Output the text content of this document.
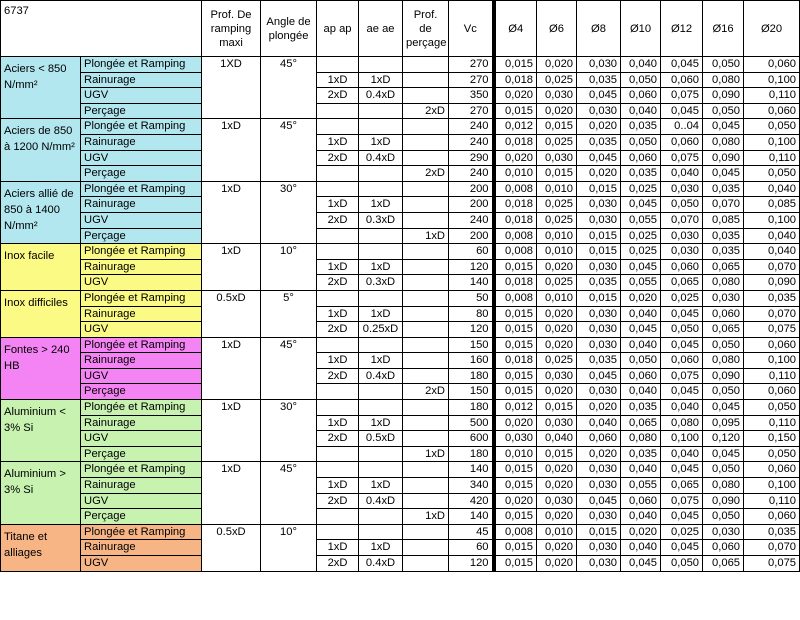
6737		Prof. De ramping maxi	Angle de plongée	ap ap	ae ae	Prof. de perçage	Vc	Ø4	Ø6	Ø8	Ø10	Ø12	Ø16	Ø20
Aciers < 850 N/mm²	Plongée et Ramping	1XD	45°				270	0,015	0,020	0,030	0,040	0,045	0,050	0,060
	Rainurage			1xD	1xD		270	0,018	0,025	0,035	0,050	0,060	0,080	0,100
	UGV			2xD	0.4xD		350	0,020	0,030	0,045	0,060	0,075	0,090	0,110
	Perçage					2xD	270	0,015	0,020	0,030	0,040	0,045	0,050	0,060
Aciers de 850 à 1200 N/mm²	Plongée et Ramping	1xD	45°				240	0,012	0,015	0,020	0,035	0..04	0,045	0,050
	Rainurage			1xD	1xD		240	0,018	0,025	0,035	0,050	0,060	0,080	0,100
	UGV			2xD	0.4xD		290	0,020	0,030	0,045	0,060	0,075	0,090	0,110
	Perçage					2xD	240	0,010	0,015	0,020	0,035	0,040	0,045	0,050
Aciers allié de 850 à 1400 N/mm²	Plongée et Ramping	1xD	30°				200	0,008	0,010	0,015	0,025	0,030	0,035	0,040
	Rainurage			1xD	1xD		200	0,018	0,025	0,030	0,045	0,050	0,070	0,085
	UGV			2xD	0.3xD		240	0,018	0,025	0,030	0,055	0,070	0,085	0,100
	Perçage					1xD	200	0,008	0,010	0,015	0,025	0,030	0,035	0,040
Inox facile	Plongée et Ramping	1xD	10°				60	0,008	0,010	0,015	0,025	0,030	0,035	0,040
	Rainurage			1xD	1xD		120	0,015	0,020	0,030	0,045	0,060	0,065	0,070
	UGV			2xD	0.3xD		140	0,018	0,025	0,035	0,055	0,065	0,080	0,090
Inox difficiles	Plongée et Ramping	0.5xD	5°				50	0,008	0,010	0,015	0,020	0,025	0,030	0,035
	Rainurage			1xD	1xD		80	0,015	0,020	0,030	0,040	0,045	0,060	0,070
	UGV			2xD	0.25xD		120	0,015	0,020	0,030	0,045	0,050	0,065	0,075
Fontes > 240 HB	Plongée et Ramping	1xD	45°				150	0,015	0,020	0,030	0,040	0,045	0,050	0,060
	Rainurage			1xD	1xD		160	0,018	0,025	0,035	0,050	0,060	0,080	0,100
	UGV			2xD	0.4xD		180	0,015	0,030	0,045	0,060	0,075	0,090	0,110
	Perçage					2xD	150	0,015	0,020	0,030	0,040	0,045	0,050	0,060
Aluminium < 3% Si	Plongée et Ramping	1xD	30°				180	0,012	0,015	0,020	0,035	0,040	0,045	0,050
	Rainurage			1xD	1xD		500	0,020	0,030	0,040	0,065	0,080	0,095	0,110
	UGV			2xD	0.5xD		600	0,030	0,040	0,060	0,080	0,100	0,120	0,150
	Perçage					1xD	180	0,010	0,015	0,020	0,035	0,040	0,045	0,050
Aluminium > 3% Si	Plongée et Ramping	1xD	45°				140	0,015	0,020	0,030	0,040	0,045	0,050	0,060
	Rainurage			1xD	1xD		340	0,015	0,020	0,030	0,055	0,065	0,080	0,100
	UGV			2xD	0.4xD		420	0,020	0,030	0,045	0,060	0,075	0,090	0,110
	Perçage					1xD	140	0,015	0,020	0,030	0,040	0,045	0,050	0,060
Titane et alliages	Plongée et Ramping	0.5xD	10°				45	0,008	0,010	0,015	0,020	0,025	0,030	0,035
	Rainurage			1xD	1xD		60	0,015	0,020	0,030	0,040	0,045	0,060	0,070
	UGV			2xD	0.4xD		120	0,015	0,020	0,030	0,045	0,050	0,065	0,075
